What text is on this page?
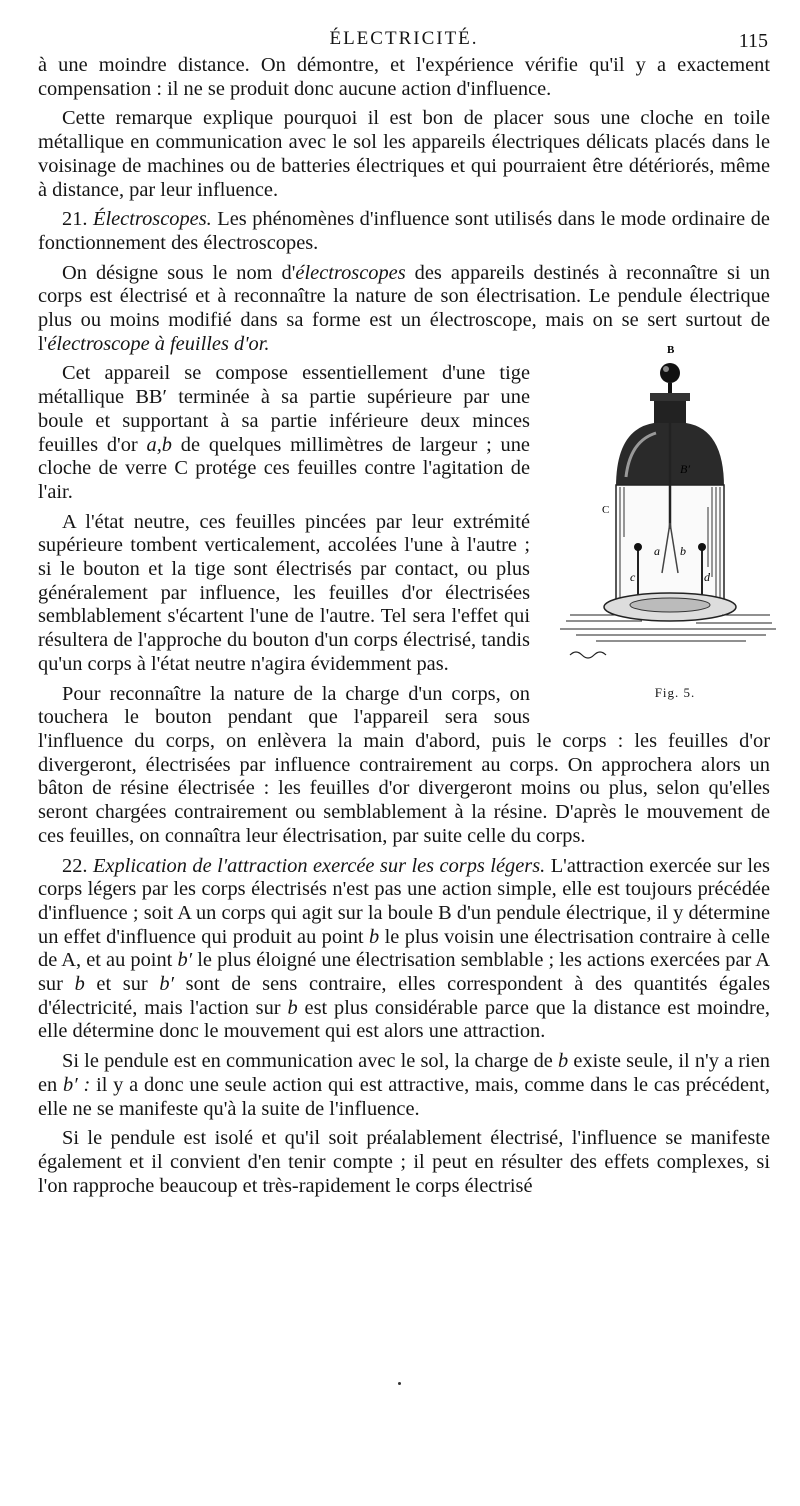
ÉLECTRICITÉ.	115

à une moindre distance. On démontre, et l'expérience vérifie qu'il y a exactement compensation : il ne se produit donc aucune action d'influence.

Cette remarque explique pourquoi il est bon de placer sous une cloche en toile métallique en communication avec le sol les appareils électriques délicats placés dans le voisinage de machines ou de batteries électriques et qui pourraient être détériorés, même à distance, par leur influence.

21. Électroscopes. Les phénomènes d'influence sont utilisés dans le mode ordinaire de fonctionnement des électroscopes.

On désigne sous le nom d'électroscopes des appareils destinés à reconnaître si un corps est électrisé et à reconnaître la nature de son électrisation. Le pendule électrique plus ou moins modifié dans sa forme est un électroscope, mais on se sert surtout de l'	B
B′
a b
c	d
C
Fig. 5.
électroscope à feuilles d'or.

Cet appareil se compose essentiellement d'une tige métallique BB′ terminée à sa partie supérieure par une boule et supportant à sa partie inférieure deux minces feuilles d'or a,b de quelques millimètres de largeur ; une cloche de verre C protége ces feuilles contre l'agitation de l'air.

A l'état neutre, ces feuilles pincées par leur extrémité supérieure tombent verticalement, accolées l'une à l'autre ; si le bouton et la tige sont électrisés par contact, ou plus généralement par influence, les feuilles d'or électrisées semblablement s'écartent l'une de l'autre. Tel sera l'effet qui résultera de l'approche du bouton d'un corps électrisé, tandis qu'un corps à l'état neutre n'agira évidemment pas.

Pour reconnaître la nature de la charge d'un corps, on touchera le bouton pendant que l'appareil sera sous l'influence du corps, on enlèvera la main d'abord, puis le corps : les feuilles d'or divergeront, électrisées par influence contrairement au corps. On approchera alors un bâton de résine électrisée : les feuilles d'or divergeront moins ou plus, selon qu'elles seront chargées contrairement ou semblablement à la résine. D'après le mouvement de ces feuilles, on connaîtra leur électrisation, par suite celle du corps.

22. Explication de l'attraction exercée sur les corps légers. L'attraction exercée sur les corps légers par les corps électrisés n'est pas une action simple, elle est toujours précédée d'influence ; soit A un corps qui agit sur la boule B d'un pendule électrique, il y détermine un effet d'influence qui produit au point b le plus voisin une électrisation contraire à celle de A, et au point b′ le plus éloigné une électrisation semblable ; les actions exercées par A sur b et sur b′ sont de sens contraire, elles correspondent à des quantités égales d'électricité, mais l'action sur b est plus considérable parce que la distance est moindre, elle détermine donc le mouvement qui est alors une attraction.

Si le pendule est en communication avec le sol, la charge de b existe seule, il n'y a rien en b′ : il y a donc une seule action qui est attractive, mais, comme dans le cas précédent, elle ne se manifeste qu'à la suite de l'influence.

Si le pendule est isolé et qu'il soit préalablement électrisé, l'influence se manifeste également et il convient d'en tenir compte ; il peut en résulter des effets complexes, si l'on rapproche beaucoup et très-rapidement le corps électrisé
